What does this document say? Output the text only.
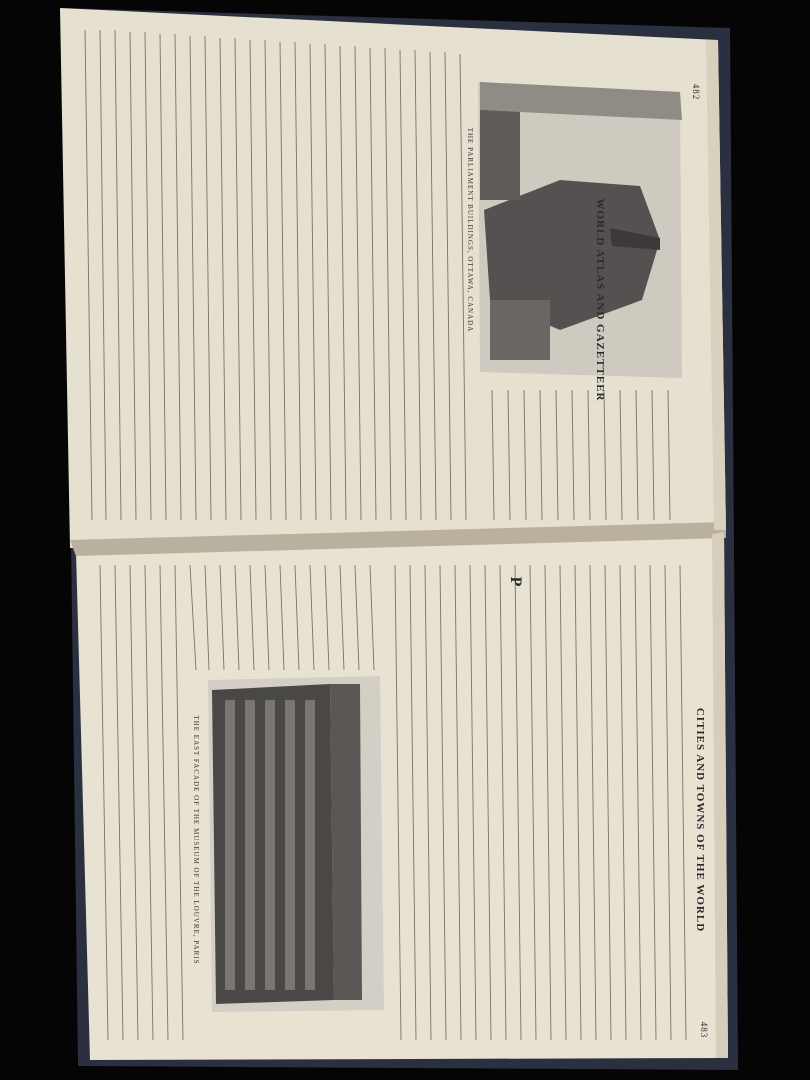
WORLD ATLAS AND GAZETTEER
THE PARLIAMENT BUILDINGS, OTTAWA, CANADA
482
CITIES AND TOWNS OF THE WORLD
P
THE EAST FACADE OF THE MUSEUM OF THE LOUVRE, PARIS
483
